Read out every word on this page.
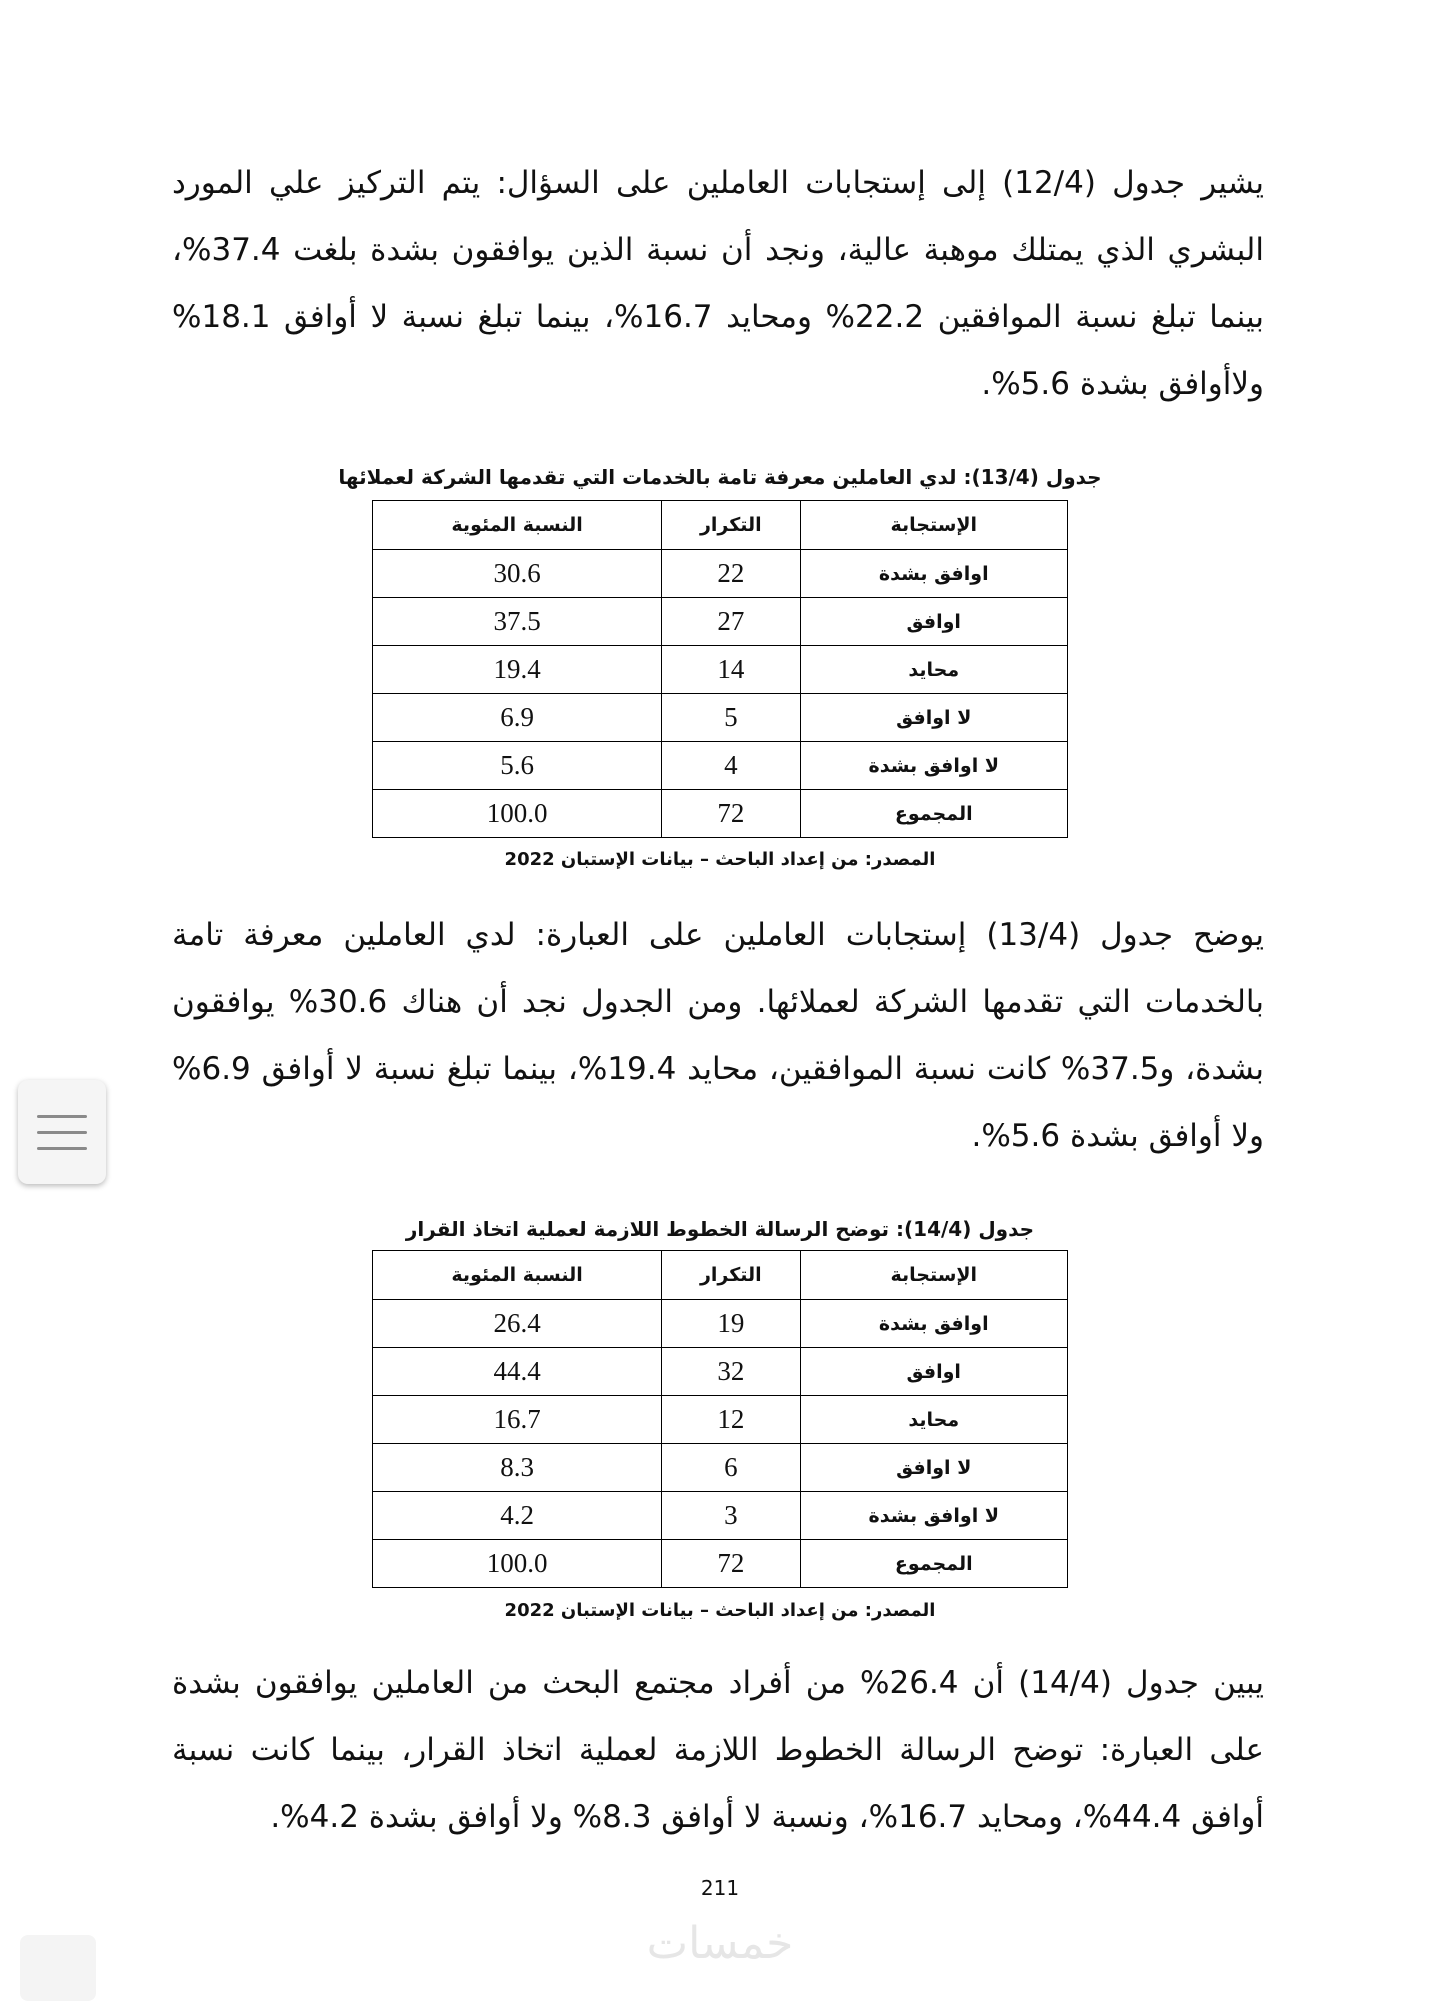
يشير جدول (12/4) إلى إستجابات العاملين على السؤال: يتم التركيز علي المورد البشري الذي يمتلك موهبة عالية، ونجد أن نسبة الذين يوافقون بشدة بلغت 37.4%، بينما تبلغ نسبة الموافقين 22.2% ومحايد 16.7%، بينما تبلغ نسبة لا أوافق 18.1% ولاأوافق بشدة 5.6%.

جدول (13/4): لدي العاملين معرفة تامة بالخدمات التي تقدمها الشركة لعملائها
الإستجابة	التكرار	النسبة المئوية
اوافق بشدة	22	30.6
اوافق	27	37.5
محايد	14	19.4
لا اوافق	5	6.9
لا اوافق بشدة	4	5.6
المجموع	72	100.0
المصدر: من إعداد الباحث – بيانات الإستبان 2022

يوضح جدول (13/4) إستجابات العاملين على العبارة: لدي العاملين معرفة تامة بالخدمات التي تقدمها الشركة لعملائها. ومن الجدول نجد أن هناك 30.6% يوافقون بشدة، و37.5% كانت نسبة الموافقين، محايد 19.4%، بينما تبلغ نسبة لا أوافق 6.9% ولا أوافق بشدة 5.6%.

جدول (14/4): توضح الرسالة الخطوط اللازمة لعملية اتخاذ القرار
الإستجابة	التكرار	النسبة المئوية
اوافق بشدة	19	26.4
اوافق	32	44.4
محايد	12	16.7
لا اوافق	6	8.3
لا اوافق بشدة	3	4.2
المجموع	72	100.0
المصدر: من إعداد الباحث – بيانات الإستبان 2022

يبين جدول (14/4) أن 26.4% من أفراد مجتمع البحث من العاملين يوافقون بشدة على العبارة: توضح الرسالة الخطوط اللازمة لعملية اتخاذ القرار، بينما كانت نسبة أوافق 44.4%، ومحايد 16.7%، ونسبة لا أوافق 8.3% ولا أوافق بشدة 4.2%.

211
خمسات
